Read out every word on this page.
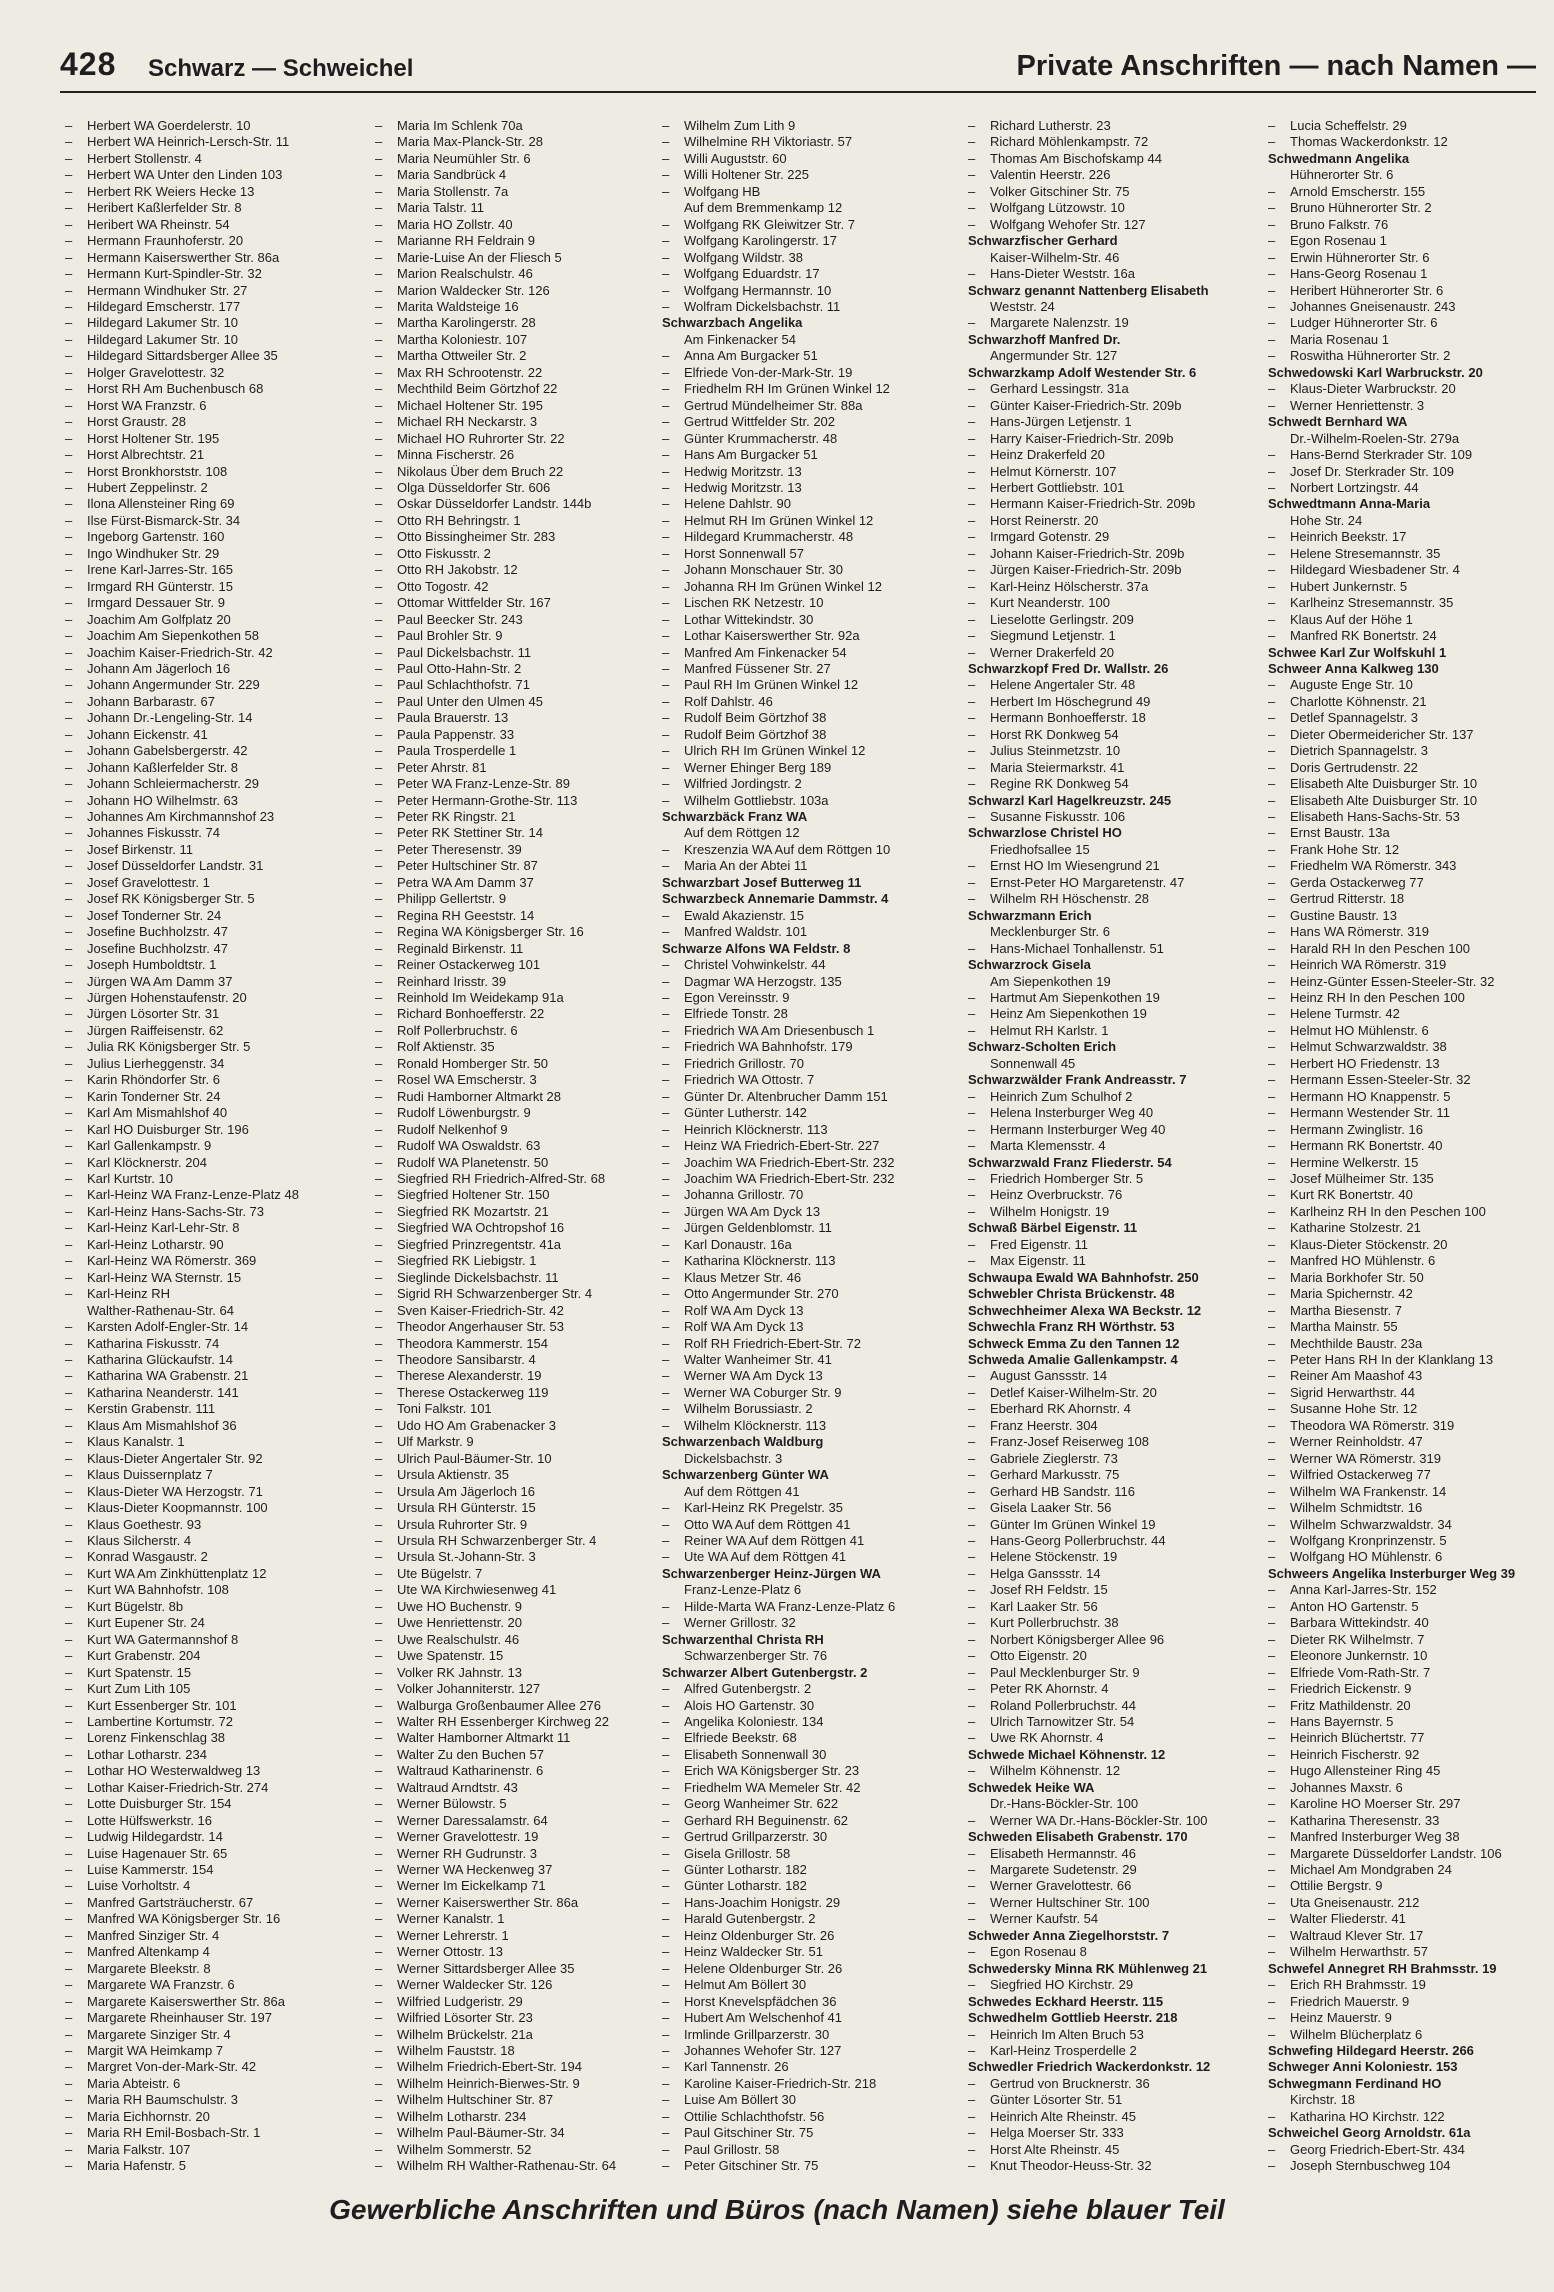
428 Schwarz — Schweichel	Private Anschriften — nach Namen —
– Herbert WA Goerdelerstr. 10
– Herbert WA Heinrich-Lersch-Str. 11
– Herbert Stollenstr. 4
– Herbert WA Unter den Linden 103
– Herbert RK Weiers Hecke 13
– Heribert Kaßlerfelder Str. 8
– Heribert WA Rheinstr. 54
– Hermann Fraunhoferstr. 20
– Hermann Kaiserswerther Str. 86a
– Hermann Kurt-Spindler-Str. 32
– Hermann Windhuker Str. 27
– Hildegard Emscherstr. 177
– Hildegard Lakumer Str. 10
– Hildegard Lakumer Str. 10
– Hildegard Sittardsberger Allee 35
– Holger Gravelottestr. 32
– Horst RH Am Buchenbusch 68
– Horst WA Franzstr. 6
– Horst Graustr. 28
– Horst Holtener Str. 195
– Horst Albrechtstr. 21
– Horst Bronkhorststr. 108
– Hubert Zeppelinstr. 2
– Ilona Allensteiner Ring 69
– Ilse Fürst-Bismarck-Str. 34
– Ingeborg Gartenstr. 160
– Ingo Windhuker Str. 29
– Irene Karl-Jarres-Str. 165
– Irmgard RH Günterstr. 15
– Irmgard Dessauer Str. 9
– Joachim Am Golfplatz 20
– Joachim Am Siepenkothen 58
– Joachim Kaiser-Friedrich-Str. 42
– Johann Am Jägerloch 16
– Johann Angermunder Str. 229
– Johann Barbarastr. 67
– Johann Dr.-Lengeling-Str. 14
– Johann Eickenstr. 41
– Johann Gabelsbergerstr. 42
– Johann Kaßlerfelder Str. 8
– Johann Schleiermacherstr. 29
– Johann HO Wilhelmstr. 63
– Johannes Am Kirchmannshof 23
– Johannes Fiskusstr. 74
– Josef Birkenstr. 11
– Josef Düsseldorfer Landstr. 31
– Josef Gravelottestr. 1
– Josef RK Königsberger Str. 5
– Josef Tonderner Str. 24
– Josefine Buchholzstr. 47
– Josefine Buchholzstr. 47
– Joseph Humboldtstr. 1
– Jürgen WA Am Damm 37
– Jürgen Hohenstaufenstr. 20
– Jürgen Lösorter Str. 31
– Jürgen Raiffeisenstr. 62
– Julia RK Königsberger Str. 5
– Julius Lierheggenstr. 34
– Karin Rhöndorfer Str. 6
– Karin Tonderner Str. 24
– Karl Am Mismahlshof 40
– Karl HO Duisburger Str. 196
– Karl Gallenkampstr. 9
– Karl Klöcknerstr. 204
– Karl Kurtstr. 10
– Karl-Heinz WA Franz-Lenze-Platz 48
– Karl-Heinz Hans-Sachs-Str. 73
– Karl-Heinz Karl-Lehr-Str. 8
– Karl-Heinz Lotharstr. 90
– Karl-Heinz WA Römerstr. 369
– Karl-Heinz WA Sternstr. 15
– Karl-Heinz RH
Walther-Rathenau-Str. 64
– Karsten Adolf-Engler-Str. 14
– Katharina Fiskusstr. 74
– Katharina Glückaufstr. 14
– Katharina WA Grabenstr. 21
– Katharina Neanderstr. 141
– Kerstin Grabenstr. 111
– Klaus Am Mismahlshof 36
– Klaus Kanalstr. 1
– Klaus-Dieter Angertaler Str. 92
– Klaus Duissernplatz 7
– Klaus-Dieter WA Herzogstr. 71
– Klaus-Dieter Koopmannstr. 100
– Klaus Goethestr. 93
– Klaus Silcherstr. 4
– Konrad Wasgaustr. 2
– Kurt WA Am Zinkhüttenplatz 12
– Kurt WA Bahnhofstr. 108
– Kurt Bügelstr. 8b
– Kurt Eupener Str. 24
– Kurt WA Gatermannshof 8
– Kurt Grabenstr. 204
– Kurt Spatenstr. 15
– Kurt Zum Lith 105
– Kurt Essenberger Str. 101
– Lambertine Kortumstr. 72
– Lorenz Finkenschlag 38
– Lothar Lotharstr. 234
– Lothar HO Westerwaldweg 13
– Lothar Kaiser-Friedrich-Str. 274
– Lotte Duisburger Str. 154
– Lotte Hülfswerkstr. 16
– Ludwig Hildegardstr. 14
– Luise Hagenauer Str. 65
– Luise Kammerstr. 154
– Luise Vorholtstr. 4
– Manfred Gartsträucherstr. 67
– Manfred WA Königsberger Str. 16
– Manfred Sinziger Str. 4
– Manfred Altenkamp 4
– Margarete Bleekstr. 8
– Margarete WA Franzstr. 6
– Margarete Kaiserswerther Str. 86a
– Margarete Rheinhauser Str. 197
– Margarete Sinziger Str. 4
– Margit WA Heimkamp 7
– Margret Von-der-Mark-Str. 42
– Maria Abteistr. 6
– Maria RH Baumschulstr. 3
– Maria Eichhornstr. 20
– Maria RH Emil-Bosbach-Str. 1
– Maria Falkstr. 107
– Maria Hafenstr. 5
– Maria Im Schlenk 70a
– Maria Max-Planck-Str. 28
– Maria Neumühler Str. 6
– Maria Sandbrück 4
– Maria Stollenstr. 7a
– Maria Talstr. 11
– Maria HO Zollstr. 40
– Marianne RH Feldrain 9
– Marie-Luise An der Fliesch 5
– Marion Realschulstr. 46
– Marion Waldecker Str. 126
– Marita Waldsteige 16
– Martha Karolingerstr. 28
– Martha Koloniestr. 107
– Martha Ottweiler Str. 2
– Max RH Schrootenstr. 22
– Mechthild Beim Görtzhof 22
– Michael Holtener Str. 195
– Michael RH Neckarstr. 3
– Michael HO Ruhrorter Str. 22
– Minna Fischerstr. 26
– Nikolaus Über dem Bruch 22
– Olga Düsseldorfer Str. 606
– Oskar Düsseldorfer Landstr. 144b
– Otto RH Behringstr. 1
– Otto Bissingheimer Str. 283
– Otto Fiskusstr. 2
– Otto RH Jakobstr. 12
– Otto Togostr. 42
– Ottomar Wittfelder Str. 167
– Paul Beecker Str. 243
– Paul Brohler Str. 9
– Paul Dickelsbachstr. 11
– Paul Otto-Hahn-Str. 2
– Paul Schlachthofstr. 71
– Paul Unter den Ulmen 45
– Paula Brauerstr. 13
– Paula Pappenstr. 33
– Paula Trosperdelle 1
– Peter Ahrstr. 81
– Peter WA Franz-Lenze-Str. 89
– Peter Hermann-Grothe-Str. 113
– Peter RK Ringstr. 21
– Peter RK Stettiner Str. 14
– Peter Theresenstr. 39
– Peter Hultschiner Str. 87
– Petra WA Am Damm 37
– Philipp Gellertstr. 9
– Regina RH Geeststr. 14
– Regina WA Königsberger Str. 16
– Reginald Birkenstr. 11
– Reiner Ostackerweg 101
– Reinhard Irisstr. 39
– Reinhold Im Weidekamp 91a
– Richard Bonhoefferstr. 22
– Rolf Pollerbruchstr. 6
– Rolf Aktienstr. 35
– Ronald Homberger Str. 50
– Rosel WA Emscherstr. 3
– Rudi Hamborner Altmarkt 28
– Rudolf Löwenburgstr. 9
– Rudolf Nelkenhof 9
– Rudolf WA Oswaldstr. 63
– Rudolf WA Planetenstr. 50
– Siegfried RH Friedrich-Alfred-Str. 68
– Siegfried Holtener Str. 150
– Siegfried RK Mozartstr. 21
– Siegfried WA Ochtropshof 16
– Siegfried Prinzregentstr. 41a
– Siegfried RK Liebigstr. 1
– Sieglinde Dickelsbachstr. 11
– Sigrid RH Schwarzenberger Str. 4
– Sven Kaiser-Friedrich-Str. 42
– Theodor Angerhauser Str. 53
– Theodora Kammerstr. 154
– Theodore Sansibarstr. 4
– Therese Alexanderstr. 19
– Therese Ostackerweg 119
– Toni Falkstr. 101
– Udo HO Am Grabenacker 3
– Ulf Markstr. 9
– Ulrich Paul-Bäumer-Str. 10
– Ursula Aktienstr. 35
– Ursula Am Jägerloch 16
– Ursula RH Günterstr. 15
– Ursula Ruhrorter Str. 9
– Ursula RH Schwarzenberger Str. 4
– Ursula St.-Johann-Str. 3
– Ute Bügelstr. 7
– Ute WA Kirchwiesenweg 41
– Uwe HO Buchenstr. 9
– Uwe Henriettenstr. 20
– Uwe Realschulstr. 46
– Uwe Spatenstr. 15
– Volker RK Jahnstr. 13
– Volker Johanniterstr. 127
– Walburga Großenbaumer Allee 276
– Walter RH Essenberger Kirchweg 22
– Walter Hamborner Altmarkt 11
– Walter Zu den Buchen 57
– Waltraud Katharinenstr. 6
– Waltraud Arndtstr. 43
– Werner Bülowstr. 5
– Werner Daressalamstr. 64
– Werner Gravelottestr. 19
– Werner RH Gudrunstr. 3
– Werner WA Heckenweg 37
– Werner Im Eickelkamp 71
– Werner Kaiserswerther Str. 86a
– Werner Kanalstr. 1
– Werner Lehrerstr. 1
– Werner Ottostr. 13
– Werner Sittardsberger Allee 35
– Werner Waldecker Str. 126
– Wilfried Ludgeristr. 29
– Wilfried Lösorter Str. 23
– Wilhelm Brückelstr. 21a
– Wilhelm Fauststr. 18
– Wilhelm Friedrich-Ebert-Str. 194
– Wilhelm Heinrich-Bierwes-Str. 9
– Wilhelm Hultschiner Str. 87
– Wilhelm Lotharstr. 234
– Wilhelm Paul-Bäumer-Str. 34
– Wilhelm Sommerstr. 52
– Wilhelm RH Walther-Rathenau-Str. 64
– Wilhelm Zum Lith 9
– Wilhelmine RH Viktoriastr. 57
– Willi Auguststr. 60
– Willi Holtener Str. 225
– Wolfgang HB
Auf dem Bremmenkamp 12
– Wolfgang RK Gleiwitzer Str. 7
– Wolfgang Karolingerstr. 17
– Wolfgang Wildstr. 38
– Wolfgang Eduardstr. 17
– Wolfgang Hermannstr. 10
– Wolfram Dickelsbachstr. 11
Schwarzbach Angelika
Am Finkenacker 54
– Anna Am Burgacker 51
– Elfriede Von-der-Mark-Str. 19
– Friedhelm RH Im Grünen Winkel 12
– Gertrud Mündelheimer Str. 88a
– Gertrud Wittfelder Str. 202
– Günter Krummacherstr. 48
– Hans Am Burgacker 51
– Hedwig Moritzstr. 13
– Hedwig Moritzstr. 13
– Helene Dahlstr. 90
– Helmut RH Im Grünen Winkel 12
– Hildegard Krummacherstr. 48
– Horst Sonnenwall 57
– Johann Monschauer Str. 30
– Johanna RH Im Grünen Winkel 12
– Lischen RK Netzestr. 10
– Lothar Wittekindstr. 30
– Lothar Kaiserswerther Str. 92a
– Manfred Am Finkenacker 54
– Manfred Füssener Str. 27
– Paul RH Im Grünen Winkel 12
– Rolf Dahlstr. 46
– Rudolf Beim Görtzhof 38
– Rudolf Beim Görtzhof 38
– Ulrich RH Im Grünen Winkel 12
– Werner Ehinger Berg 189
– Wilfried Jordingstr. 2
– Wilhelm Gottliebstr. 103a
Schwarzbäck Franz WA
Auf dem Röttgen 12
– Kreszenzia WA Auf dem Röttgen 10
– Maria An der Abtei 11
Schwarzbart Josef Butterweg 11
Schwarzbeck Annemarie Dammstr. 4
– Ewald Akazienstr. 15
– Manfred Waldstr. 101
Schwarze Alfons WA Feldstr. 8
– Christel Vohwinkelstr. 44
– Dagmar WA Herzogstr. 135
– Egon Vereinsstr. 9
– Elfriede Tonstr. 28
– Friedrich WA Am Driesenbusch 1
– Friedrich WA Bahnhofstr. 179
– Friedrich Grillostr. 70
– Friedrich WA Ottostr. 7
– Günter Dr. Altenbrucher Damm 151
– Günter Lutherstr. 142
– Heinrich Klöcknerstr. 113
– Heinz WA Friedrich-Ebert-Str. 227
– Joachim WA Friedrich-Ebert-Str. 232
– Joachim WA Friedrich-Ebert-Str. 232
– Johanna Grillostr. 70
– Jürgen WA Am Dyck 13
– Jürgen Geldenblomstr. 11
– Karl Donaustr. 16a
– Katharina Klöcknerstr. 113
– Klaus Metzer Str. 46
– Otto Angermunder Str. 270
– Rolf WA Am Dyck 13
– Rolf WA Am Dyck 13
– Rolf RH Friedrich-Ebert-Str. 72
– Walter Wanheimer Str. 41
– Werner WA Am Dyck 13
– Werner WA Coburger Str. 9
– Wilhelm Borussiastr. 2
– Wilhelm Klöcknerstr. 113
Schwarzenbach Waldburg
Dickelsbachstr. 3
Schwarzenberg Günter WA
Auf dem Röttgen 41
– Karl-Heinz RK Pregelstr. 35
– Otto WA Auf dem Röttgen 41
– Reiner WA Auf dem Röttgen 41
– Ute WA Auf dem Röttgen 41
Schwarzenberger Heinz-Jürgen WA
Franz-Lenze-Platz 6
– Hilde-Marta WA Franz-Lenze-Platz 6
– Werner Grillostr. 32
Schwarzenthal Christa RH
Schwarzenberger Str. 76
Schwarzer Albert Gutenbergstr. 2
– Alfred Gutenbergstr. 2
– Alois HO Gartenstr. 30
– Angelika Koloniestr. 134
– Elfriede Beekstr. 68
– Elisabeth Sonnenwall 30
– Erich WA Königsberger Str. 23
– Friedhelm WA Memeler Str. 42
– Georg Wanheimer Str. 622
– Gerhard RH Beguinenstr. 62
– Gertrud Grillparzerstr. 30
– Gisela Grillostr. 58
– Günter Lotharstr. 182
– Günter Lotharstr. 182
– Hans-Joachim Honigstr. 29
– Harald Gutenbergstr. 2
– Heinz Oldenburger Str. 26
– Heinz Waldecker Str. 51
– Helene Oldenburger Str. 26
– Helmut Am Böllert 30
– Horst Knevelspfädchen 36
– Hubert Am Welschenhof 41
– Irmlinde Grillparzerstr. 30
– Johannes Wehofer Str. 127
– Karl Tannenstr. 26
– Karoline Kaiser-Friedrich-Str. 218
– Luise Am Böllert 30
– Ottilie Schlachthofstr. 56
– Paul Gitschiner Str. 75
– Paul Grillostr. 58
– Peter Gitschiner Str. 75
– Richard Lutherstr. 23
– Richard Möhlenkampstr. 72
– Thomas Am Bischofskamp 44
– Valentin Heerstr. 226
– Volker Gitschiner Str. 75
– Wolfgang Lützowstr. 10
– Wolfgang Wehofer Str. 127
Schwarzfischer Gerhard
Kaiser-Wilhelm-Str. 46
– Hans-Dieter Weststr. 16a
Schwarz genannt Nattenberg Elisabeth
Weststr. 24
– Margarete Nalenzstr. 19
Schwarzhoff Manfred Dr.
Angermunder Str. 127
Schwarzkamp Adolf Westender Str. 6
– Gerhard Lessingstr. 31a
– Günter Kaiser-Friedrich-Str. 209b
– Hans-Jürgen Letjenstr. 1
– Harry Kaiser-Friedrich-Str. 209b
– Heinz Drakerfeld 20
– Helmut Körnerstr. 107
– Herbert Gottliebstr. 101
– Hermann Kaiser-Friedrich-Str. 209b
– Horst Reinerstr. 20
– Irmgard Gotenstr. 29
– Johann Kaiser-Friedrich-Str. 209b
– Jürgen Kaiser-Friedrich-Str. 209b
– Karl-Heinz Hölscherstr. 37a
– Kurt Neanderstr. 100
– Lieselotte Gerlingstr. 209
– Siegmund Letjenstr. 1
– Werner Drakerfeld 20
Schwarzkopf Fred Dr. Wallstr. 26
– Helene Angertaler Str. 48
– Herbert Im Höschegrund 49
– Hermann Bonhoefferstr. 18
– Horst RK Donkweg 54
– Julius Steinmetzstr. 10
– Maria Steiermarkstr. 41
– Regine RK Donkweg 54
Schwarzl Karl Hagelkreuzstr. 245
– Susanne Fiskusstr. 106
Schwarzlose Christel HO
Friedhofsallee 15
– Ernst HO Im Wiesengrund 21
– Ernst-Peter HO Margaretenstr. 47
– Wilhelm RH Höschenstr. 28
Schwarzmann Erich
Mecklenburger Str. 6
– Hans-Michael Tonhallenstr. 51
Schwarzrock Gisela
Am Siepenkothen 19
– Hartmut Am Siepenkothen 19
– Heinz Am Siepenkothen 19
– Helmut RH Karlstr. 1
Schwarz-Scholten Erich
Sonnenwall 45
Schwarzwälder Frank Andreasstr. 7
– Heinrich Zum Schulhof 2
– Helena Insterburger Weg 40
– Hermann Insterburger Weg 40
– Marta Klemensstr. 4
Schwarzwald Franz Fliederstr. 54
– Friedrich Homberger Str. 5
– Heinz Overbruckstr. 76
– Wilhelm Honigstr. 19
Schwaß Bärbel Eigenstr. 11
– Fred Eigenstr. 11
– Max Eigenstr. 11
Schwaupa Ewald WA Bahnhofstr. 250
Schwebler Christa Brückenstr. 48
Schwechheimer Alexa WA Beckstr. 12
Schwechla Franz RH Wörthstr. 53
Schweck Emma Zu den Tannen 12
Schweda Amalie Gallenkampstr. 4
– August Ganssstr. 14
– Detlef Kaiser-Wilhelm-Str. 20
– Eberhard RK Ahornstr. 4
– Franz Heerstr. 304
– Franz-Josef Reiserweg 108
– Gabriele Zieglerstr. 73
– Gerhard Markusstr. 75
– Gerhard HB Sandstr. 116
– Gisela Laaker Str. 56
– Günter Im Grünen Winkel 19
– Hans-Georg Pollerbruchstr. 44
– Helene Stöckenstr. 19
– Helga Ganssstr. 14
– Josef RH Feldstr. 15
– Karl Laaker Str. 56
– Kurt Pollerbruchstr. 38
– Norbert Königsberger Allee 96
– Otto Eigenstr. 20
– Paul Mecklenburger Str. 9
– Peter RK Ahornstr. 4
– Roland Pollerbruchstr. 44
– Ulrich Tarnowitzer Str. 54
– Uwe RK Ahornstr. 4
Schwede Michael Köhnenstr. 12
– Wilhelm Köhnenstr. 12
Schwedek Heike WA
Dr.-Hans-Böckler-Str. 100
– Werner WA Dr.-Hans-Böckler-Str. 100
Schweden Elisabeth Grabenstr. 170
– Elisabeth Hermannstr. 46
– Margarete Sudetenstr. 29
– Werner Gravelottestr. 66
– Werner Hultschiner Str. 100
– Werner Kaufstr. 54
Schweder Anna Ziegelhorststr. 7
– Egon Rosenau 8
Schwedersky Minna RK Mühlenweg 21
– Siegfried HO Kirchstr. 29
Schwedes Eckhard Heerstr. 115
Schwedhelm Gottlieb Heerstr. 218
– Heinrich Im Alten Bruch 53
– Karl-Heinz Trosperdelle 2
Schwedler Friedrich Wackerdonkstr. 12
– Gertrud von Brucknerstr. 36
– Günter Lösorter Str. 51
– Heinrich Alte Rheinstr. 45
– Helga Moerser Str. 333
– Horst Alte Rheinstr. 45
– Knut Theodor-Heuss-Str. 32
– Lucia Scheffelstr. 29
– Thomas Wackerdonkstr. 12
Schwedmann Angelika
Hühnerorter Str. 6
– Arnold Emscherstr. 155
– Bruno Hühnerorter Str. 2
– Bruno Falkstr. 76
– Egon Rosenau 1
– Erwin Hühnerorter Str. 6
– Hans-Georg Rosenau 1
– Heribert Hühnerorter Str. 6
– Johannes Gneisenaustr. 243
– Ludger Hühnerorter Str. 6
– Maria Rosenau 1
– Roswitha Hühnerorter Str. 2
Schwedowski Karl Warbruckstr. 20
– Klaus-Dieter Warbruckstr. 20
– Werner Henriettenstr. 3
Schwedt Bernhard WA
Dr.-Wilhelm-Roelen-Str. 279a
– Hans-Bernd Sterkrader Str. 109
– Josef Dr. Sterkrader Str. 109
– Norbert Lortzingstr. 44
Schwedtmann Anna-Maria
Hohe Str. 24
– Heinrich Beekstr. 17
– Helene Stresemannstr. 35
– Hildegard Wiesbadener Str. 4
– Hubert Junkernstr. 5
– Karlheinz Stresemannstr. 35
– Klaus Auf der Höhe 1
– Manfred RK Bonertstr. 24
Schwee Karl Zur Wolfskuhl 1
Schweer Anna Kalkweg 130
– Auguste Enge Str. 10
– Charlotte Köhnenstr. 21
– Detlef Spannagelstr. 3
– Dieter Obermeidericher Str. 137
– Dietrich Spannagelstr. 3
– Doris Gertrudenstr. 22
– Elisabeth Alte Duisburger Str. 10
– Elisabeth Alte Duisburger Str. 10
– Elisabeth Hans-Sachs-Str. 53
– Ernst Baustr. 13a
– Frank Hohe Str. 12
– Friedhelm WA Römerstr. 343
– Gerda Ostackerweg 77
– Gertrud Ritterstr. 18
– Gustine Baustr. 13
– Hans WA Römerstr. 319
– Harald RH In den Peschen 100
– Heinrich WA Römerstr. 319
– Heinz-Günter Essen-Steeler-Str. 32
– Heinz RH In den Peschen 100
– Helene Turmstr. 42
– Helmut HO Mühlenstr. 6
– Helmut Schwarzwaldstr. 38
– Herbert HO Friedenstr. 13
– Hermann Essen-Steeler-Str. 32
– Hermann HO Knappenstr. 5
– Hermann Westender Str. 11
– Hermann Zwinglistr. 16
– Hermann RK Bonertstr. 40
– Hermine Welkerstr. 15
– Josef Mülheimer Str. 135
– Kurt RK Bonertstr. 40
– Karlheinz RH In den Peschen 100
– Katharine Stolzestr. 21
– Klaus-Dieter Stöckenstr. 20
– Manfred HO Mühlenstr. 6
– Maria Borkhofer Str. 50
– Maria Spichernstr. 42
– Martha Biesenstr. 7
– Martha Mainstr. 55
– Mechthilde Baustr. 23a
– Peter Hans RH In der Klanklang 13
– Reiner Am Maashof 43
– Sigrid Herwarthstr. 44
– Susanne Hohe Str. 12
– Theodora WA Römerstr. 319
– Werner Reinholdstr. 47
– Werner WA Römerstr. 319
– Wilfried Ostackerweg 77
– Wilhelm WA Frankenstr. 14
– Wilhelm Schmidtstr. 16
– Wilhelm Schwarzwaldstr. 34
– Wolfgang Kronprinzenstr. 5
– Wolfgang HO Mühlenstr. 6
Schweers Angelika Insterburger Weg 39
– Anna Karl-Jarres-Str. 152
– Anton HO Gartenstr. 5
– Barbara Wittekindstr. 40
– Dieter RK Wilhelmstr. 7
– Eleonore Junkernstr. 10
– Elfriede Vom-Rath-Str. 7
– Friedrich Eickenstr. 9
– Fritz Mathildenstr. 20
– Hans Bayernstr. 5
– Heinrich Blüchertstr. 77
– Heinrich Fischerstr. 92
– Hugo Allensteiner Ring 45
– Johannes Maxstr. 6
– Karoline HO Moerser Str. 297
– Katharina Theresenstr. 33
– Manfred Insterburger Weg 38
– Margarete Düsseldorfer Landstr. 106
– Michael Am Mondgraben 24
– Ottilie Bergstr. 9
– Uta Gneisenaustr. 212
– Walter Fliederstr. 41
– Waltraud Klever Str. 17
– Wilhelm Herwarthstr. 57
Schwefel Annegret RH Brahmsstr. 19
– Erich RH Brahmsstr. 19
– Friedrich Mauerstr. 9
– Heinz Mauerstr. 9
– Wilhelm Blücherplatz 6
Schwefing Hildegard Heerstr. 266
Schweger Anni Koloniestr. 153
Schwegmann Ferdinand HO
Kirchstr. 18
– Katharina HO Kirchstr. 122
Schweichel Georg Arnoldstr. 61a
– Georg Friedrich-Ebert-Str. 434
– Joseph Sternbuschweg 104
Gewerbliche Anschriften und Büros (nach Namen) siehe blauer Teil
